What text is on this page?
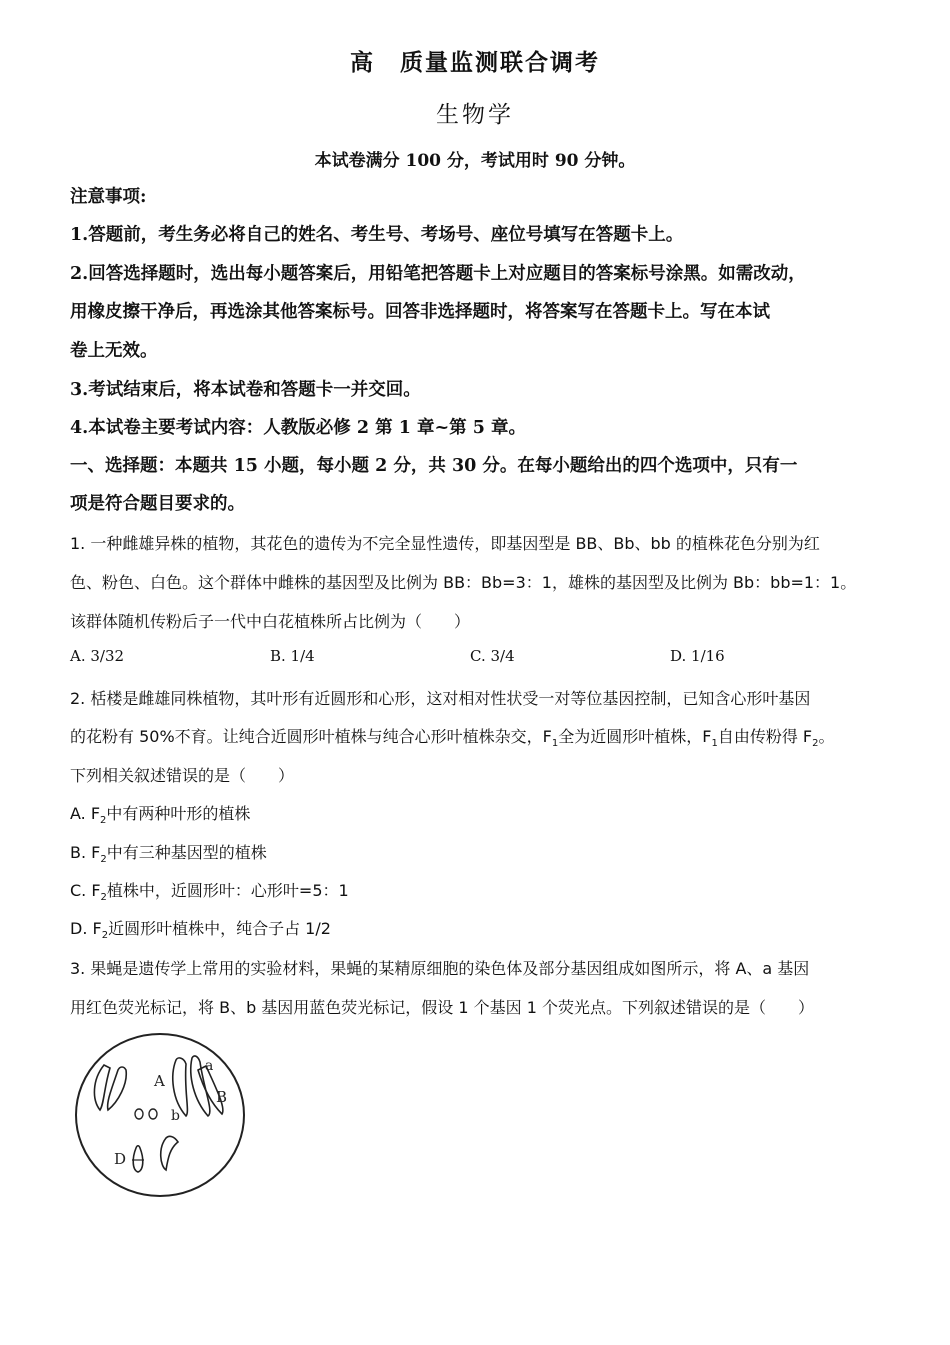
高　质量监测联合调考
生物学
本试卷满分 100 分，考试用时 90 分钟。
注意事项:
1.答题前，考生务必将自己的姓名、考生号、考场号、座位号填写在答题卡上。
2.回答选择题时，选出每小题答案后，用铅笔把答题卡上对应题目的答案标号涂黑。如需改动，
用橡皮擦干净后，再选涂其他答案标号。回答非选择题时，将答案写在答题卡上。写在本试
卷上无效。
3.考试结束后，将本试卷和答题卡一并交回。
4.本试卷主要考试内容：人教版必修 2 第 1 章~第 5 章。
一、选择题：本题共 15 小题，每小题 2 分，共 30 分。在每小题给出的四个选项中，只有一
项是符合题目要求的。
1. 一种雌雄异株的植物，其花色的遗传为不完全显性遗传，即基因型是 BB、Bb、bb 的植株花色分别为红
色、粉色、白色。这个群体中雌株的基因型及比例为 BB：Bb=3：1，雄株的基因型及比例为 Bb：bb=1：1。
该群体随机传粉后子一代中白花植株所占比例为（　　）
A. 3/32	B. 1/4	C. 3/4	D. 1/16
2. 栝楼是雌雄同株植物，其叶形有近圆形和心形，这对相对性状受一对等位基因控制，已知含心形叶基因
的花粉有 50%不育。让纯合近圆形叶植株与纯合心形叶植株杂交，$F_1$全为近圆形叶植株，$F_1$自由传粉得 $F_2$。
下列相关叙述错误的是（　　）
A. $F_2$中有两种叶形的植株
B. $F_2$中有三种基因型的植株
C. $F_2$植株中，近圆形叶：心形叶=5：1
D. $F_2$近圆形叶植株中，纯合子占 1/2
3. 果蝇是遗传学上常用的实验材料，果蝇的某精原细胞的染色体及部分基因组成如图所示，将 A、a 基因
用红色荧光标记，将 B、b 基因用蓝色荧光标记，假设 1 个基因 1 个荧光点。下列叙述错误的是（　　）
A
a
B
b
D
